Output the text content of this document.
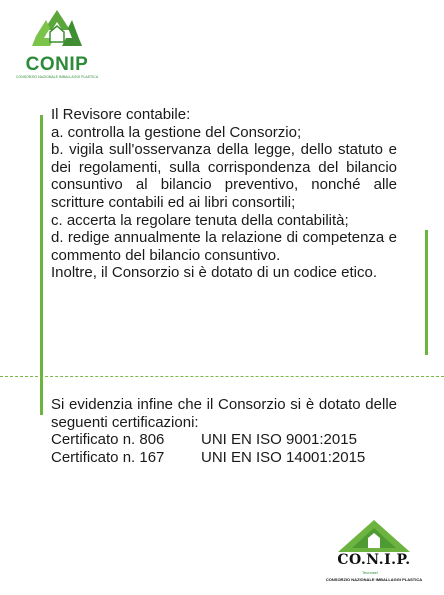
CONIP
CONSORZIO NAZIONALE IMBALLAGGI PLASTICA

Il Revisore contabile:

a. controlla la gestione del Consorzio;

b. vigila sull'osservanza della legge, dello statuto e dei regolamenti, sulla corrispondenza del bilancio consuntivo al bilancio preventivo, nonché alle scritture contabili ed ai libri consortili;

c. accerta la regolare tenuta della contabilità;

d. redige annualmente la relazione di competenza e commento del bilancio consuntivo.

Inoltre, il Consorzio si è dotato di un codice etico.

Si evidenzia infine che il Consorzio si è dotato delle seguenti certificazioni:

Certificato n. 806	UNI EN ISO 9001:2015
Certificato n. 167	UNI EN ISO 14001:2015
CO.N.I.P.
Tecnosei
CONSORZIO NAZIONALE IMBALLAGGI PLASTICA
